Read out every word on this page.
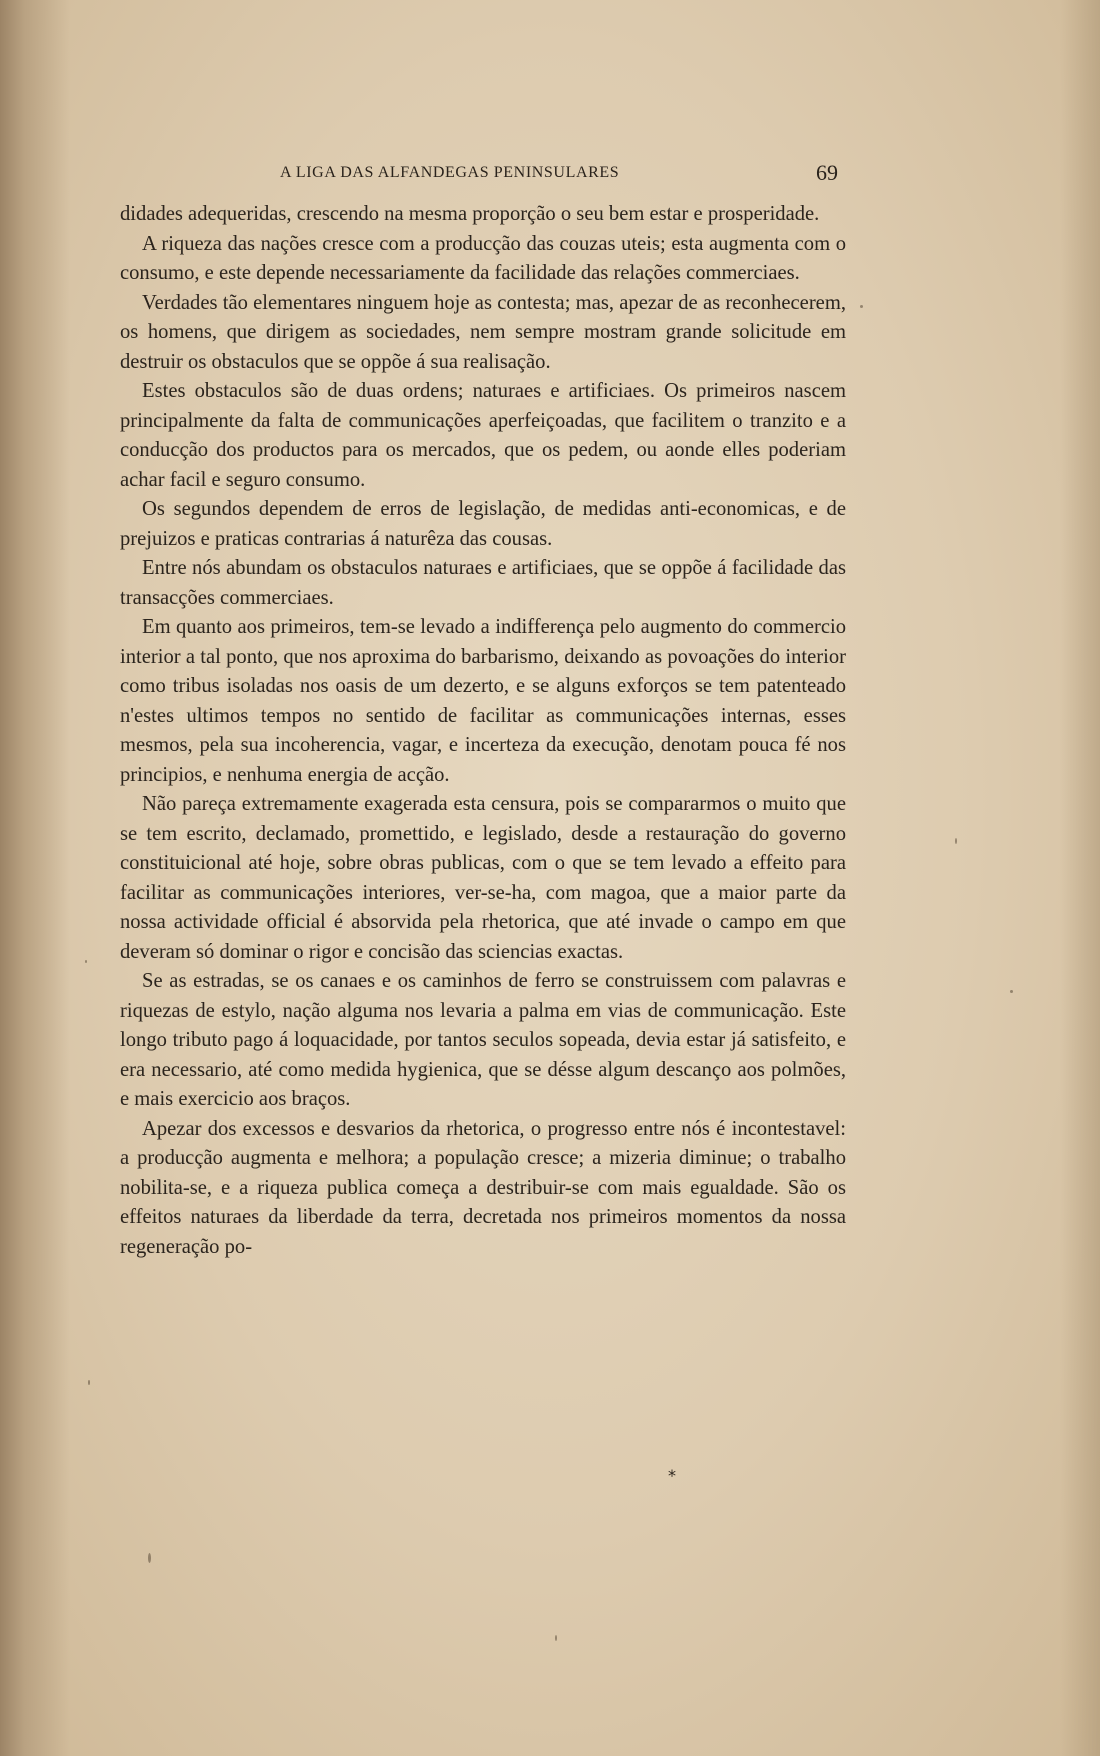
A LIGA DAS ALFANDEGAS PENINSULARES	69

didades adequeridas, crescendo na mesma proporção o seu bem estar e prosperidade.

A riqueza das nações cresce com a producção das couzas uteis; esta augmenta com o consumo, e este depende necessariamente da facilidade das relações commerciaes.

Verdades tão elementares ninguem hoje as contesta; mas, apezar de as reconhecerem, os homens, que dirigem as sociedades, nem sempre mostram grande solicitude em destruir os obstaculos que se oppõe á sua realisação.

Estes obstaculos são de duas ordens; naturaes e artificiaes. Os primeiros nascem principalmente da falta de communicações aperfeiçoadas, que facilitem o tranzito e a conducção dos productos para os mercados, que os pedem, ou aonde elles poderiam achar facil e seguro consumo.

Os segundos dependem de erros de legislação, de medidas anti-economicas, e de prejuizos e praticas contrarias á naturêza das cousas.

Entre nós abundam os obstaculos naturaes e artificiaes, que se oppõe á facilidade das transacções commerciaes.

Em quanto aos primeiros, tem-se levado a indifferença pelo augmento do commercio interior a tal ponto, que nos aproxima do barbarismo, deixando as povoações do interior como tribus isoladas nos oasis de um dezerto, e se alguns exforços se tem patenteado n'estes ultimos tempos no sentido de facilitar as communicações internas, esses mesmos, pela sua incoherencia, vagar, e incerteza da execução, denotam pouca fé nos principios, e nenhuma energia de acção.

Não pareça extremamente exagerada esta censura, pois se compararmos o muito que se tem escrito, declamado, promettido, e legislado, desde a restauração do governo constituicional até hoje, sobre obras publicas, com o que se tem levado a effeito para facilitar as communicações interiores, ver-se-ha, com magoa, que a maior parte da nossa actividade official é absorvida pela rhetorica, que até invade o campo em que deveram só dominar o rigor e concisão das sciencias exactas.

Se as estradas, se os canaes e os caminhos de ferro se construissem com palavras e riquezas de estylo, nação alguma nos levaria a palma em vias de communicação. Este longo tributo pago á loquacidade, por tantos seculos sopeada, devia estar já satisfeito, e era necessario, até como medida hygienica, que se désse algum descanço aos polmões, e mais exercicio aos braços.

Apezar dos excessos e desvarios da rhetorica, o progresso entre nós é incontestavel: a producção augmenta e melhora; a população cresce; a mizeria diminue; o trabalho nobilita-se, e a riqueza publica começa a destribuir-se com mais egualdade. São os effeitos naturaes da liberdade da terra, decretada nos primeiros momentos da nossa regeneração po-

*
